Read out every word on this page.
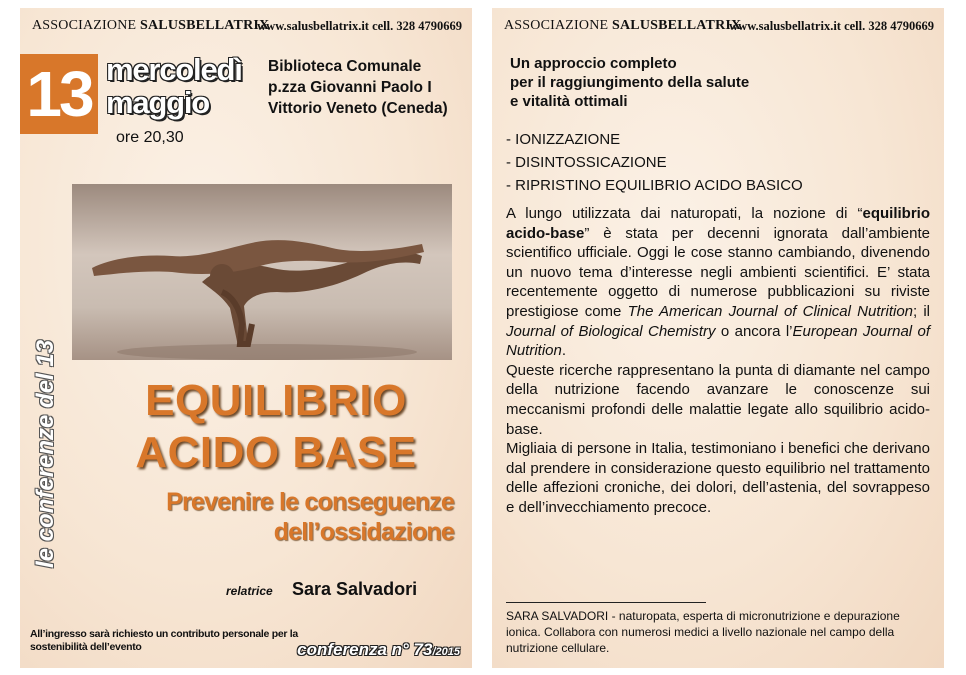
ASSOCIAZIONE SALUSBELLATRIX
www.salusbellatrix.it cell. 328 4790669
13 mercoledì
maggio
ore 20,30
Biblioteca Comunale
p.zza Giovanni Paolo I
Vittorio Veneto (Ceneda)
le conferenze del 13	EQUILIBRIO
ACIDO BASE
Prevenire le conseguenze
dell’ossidazione
relatrice Sara Salvadori
All’ingresso sarà richiesto un contributo personale per la sostenibilità dell’evento	conferenza n° 73/2015
ASSOCIAZIONE SALUSBELLATRIX
www.salusbellatrix.it cell. 328 4790669
Un approccio completo
per il raggiungimento della salute
e vitalità ottimali
- IONIZZAZIONE
- DISINTOSSICAZIONE
- RIPRISTINO EQUILIBRIO ACIDO BASICO

A lungo utilizzata dai naturopati, la nozione di “equilibrio acido-base” è stata per decenni ignorata dall’ambiente scientifico ufficiale. Oggi le cose stanno cambiando, divenendo un nuovo tema d’interesse negli ambienti scientifici. E’ stata recentemente oggetto di numerose pubblicazioni su riviste prestigiose come The American Journal of Clinical Nutrition; il Journal of Biological Chemistry o ancora l’European Journal of Nutrition.

Queste ricerche rappresentano la punta di diamante nel campo della nutrizione facendo avanzare le conoscenze sui meccanismi profondi delle malattie legate allo squilibrio acido-base.

Migliaia di persone in Italia, testimoniano i benefici che derivano dal prendere in considerazione questo equilibrio nel trattamento delle affezioni croniche, dei dolori, dell’astenia, del sovrappeso e dell’invecchiamento precoce.

SARA SALVADORI - naturopata, esperta di micronutrizione e depurazione ionica. Collabora con numerosi medici a livello nazionale nel campo della nutrizione cellulare.
